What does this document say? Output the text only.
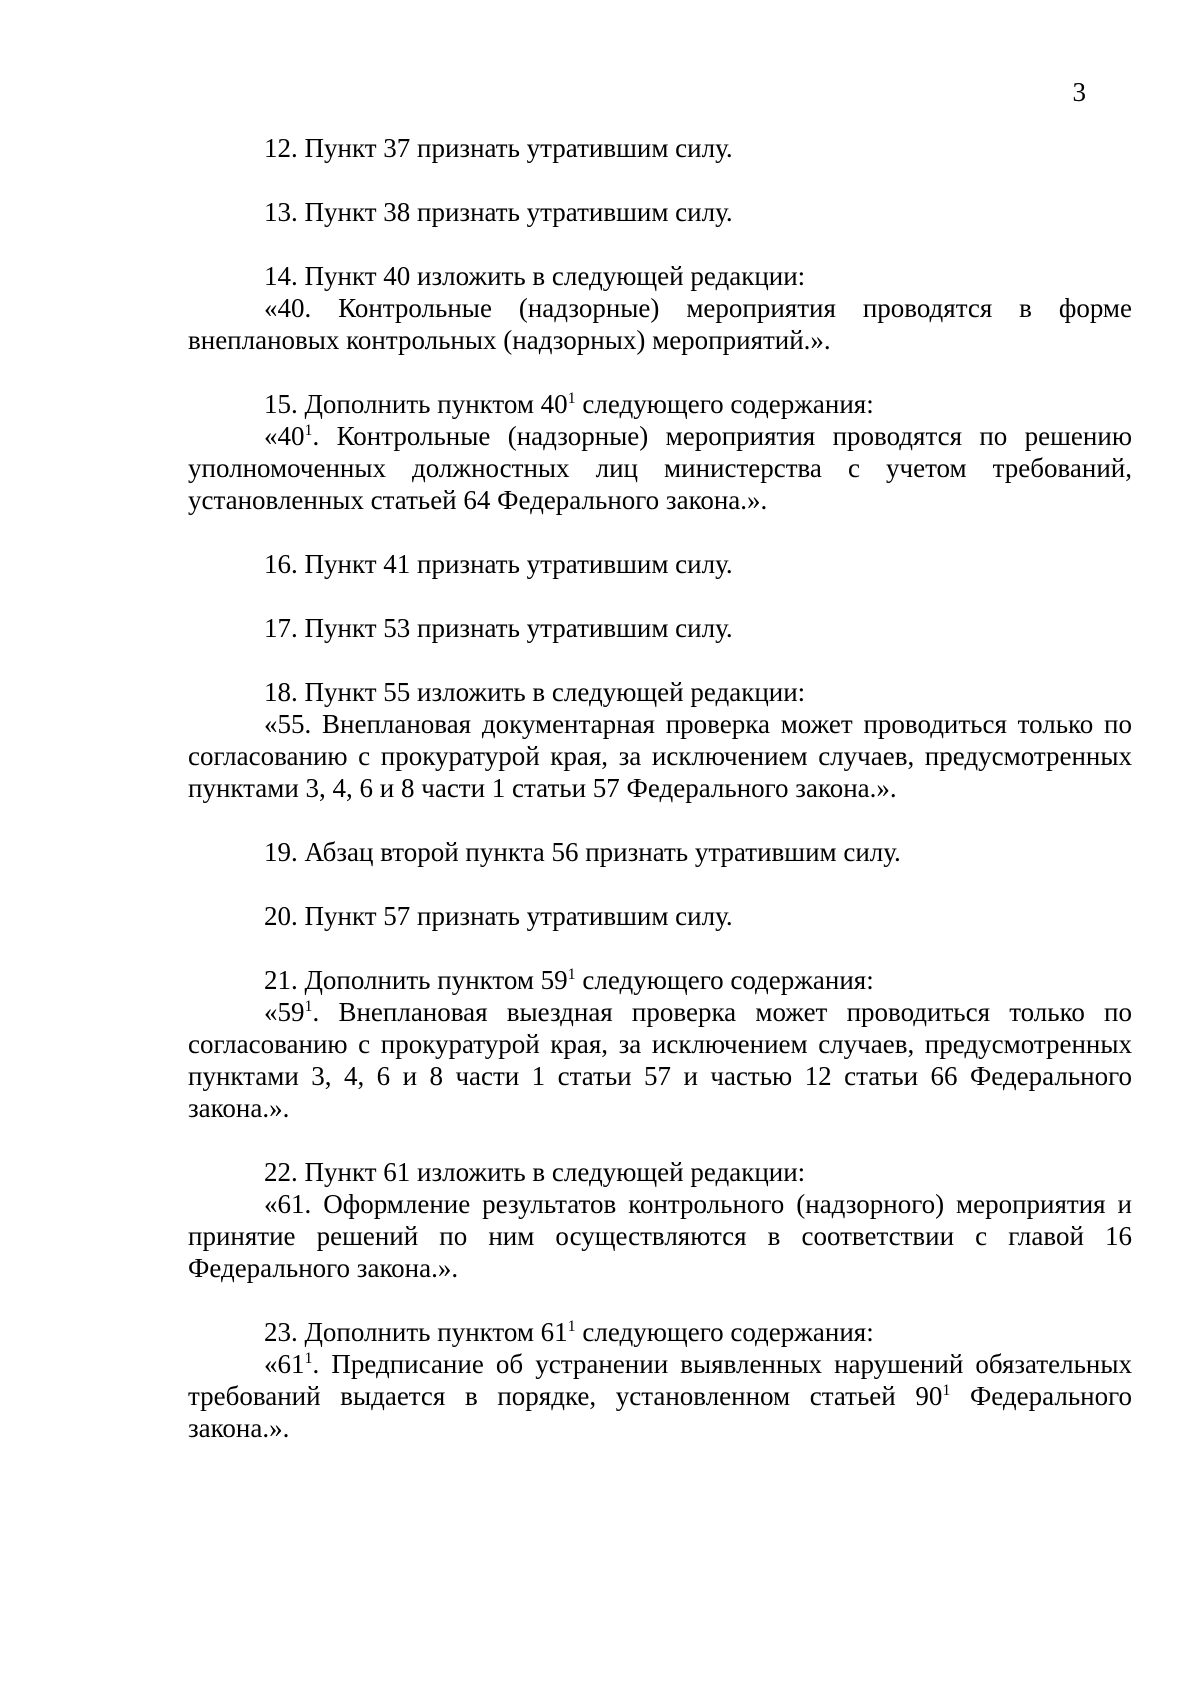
3

12. Пункт 37 признать утратившим силу.

13. Пункт 38 признать утратившим силу.

14. Пункт 40 изложить в следующей редакции:

«40. Контрольные (надзорные) мероприятия проводятся в форме внеплановых контрольных (надзорных) мероприятий.».

15. Дополнить пунктом $40^1$ следующего содержания:

«$40^1$. Контрольные (надзорные) мероприятия проводятся по решению уполномоченных должностных лиц министерства с учетом требований, установленных статьей 64 Федерального закона.».

16. Пункт 41 признать утратившим силу.

17. Пункт 53 признать утратившим силу.

18. Пункт 55 изложить в следующей редакции:

«55. Внеплановая документарная проверка может проводиться только по согласованию с прокуратурой края, за исключением случаев, предусмотренных пунктами 3, 4, 6 и 8 части 1 статьи 57 Федерального закона.».

19. Абзац второй пункта 56 признать утратившим силу.

20. Пункт 57 признать утратившим силу.

21. Дополнить пунктом $59^1$ следующего содержания:

«$59^1$. Внеплановая выездная проверка может проводиться только по согласованию с прокуратурой края, за исключением случаев, предусмотренных пунктами 3, 4, 6 и 8 части 1 статьи 57 и частью 12 статьи 66 Федерального закона.».

22. Пункт 61 изложить в следующей редакции:

«61. Оформление результатов контрольного (надзорного) мероприятия и принятие решений по ним осуществляются в соответствии с главой 16 Федерального закона.».

23. Дополнить пунктом $61^1$ следующего содержания:

«$61^1$. Предписание об устранении выявленных нарушений обязательных требований выдается в порядке, установленном статьей $90^1$ Федерального закона.».
